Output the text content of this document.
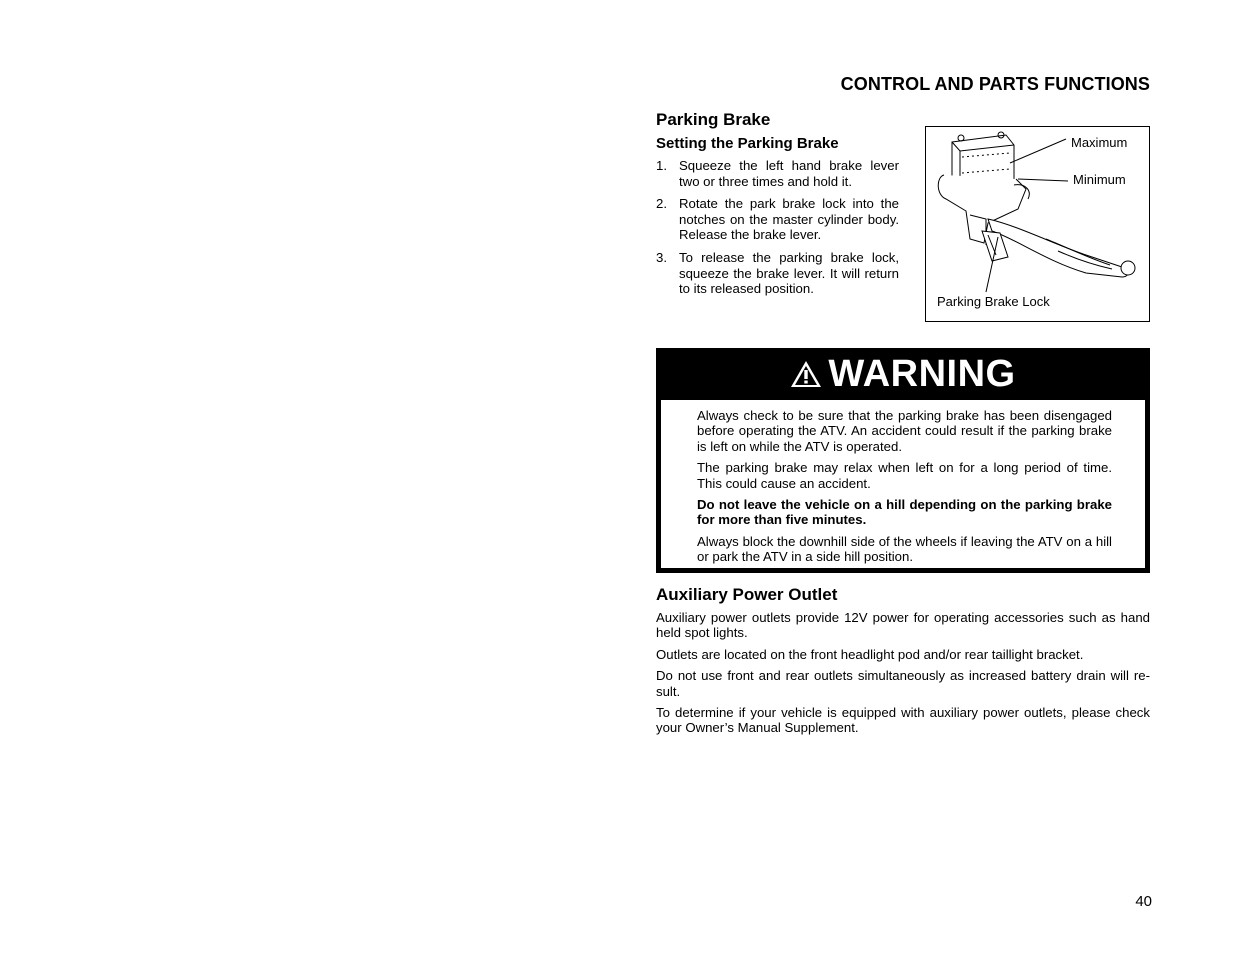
CONTROL AND PARTS FUNCTIONS
Parking Brake
Setting the Parking Brake
1. Squeeze the left hand brake lever two or three times and hold it.
2. Rotate the park brake lock into the notches on the master cylinder body. Release the brake lever.
3. To release the parking brake lock, squeeze the brake lever. It will return to its released position.
Maximum
Minimum
Parking Brake Lock
WARNING

Always check to be sure that the parking brake has been disengaged before operating the ATV. An accident could result if the parking brake is left on while the ATV is operated.

The parking brake may relax when left on for a long period of time. This could cause an accident.

Do not leave the vehicle on a hill depending on the parking brake for more than five minutes.

Always block the downhill side of the wheels if leaving the ATV on a hill or park the ATV in a side hill position.

Auxiliary Power Outlet

Auxiliary power outlets provide 12V power for operating accessories such as hand held spot lights.

Outlets are located on the front headlight pod and/or rear taillight bracket.

Do not use front and rear outlets simultaneously as increased battery drain will re-sult.

To determine if your vehicle is equipped with auxiliary power outlets, please check your Owner’s Manual Supplement.

40
